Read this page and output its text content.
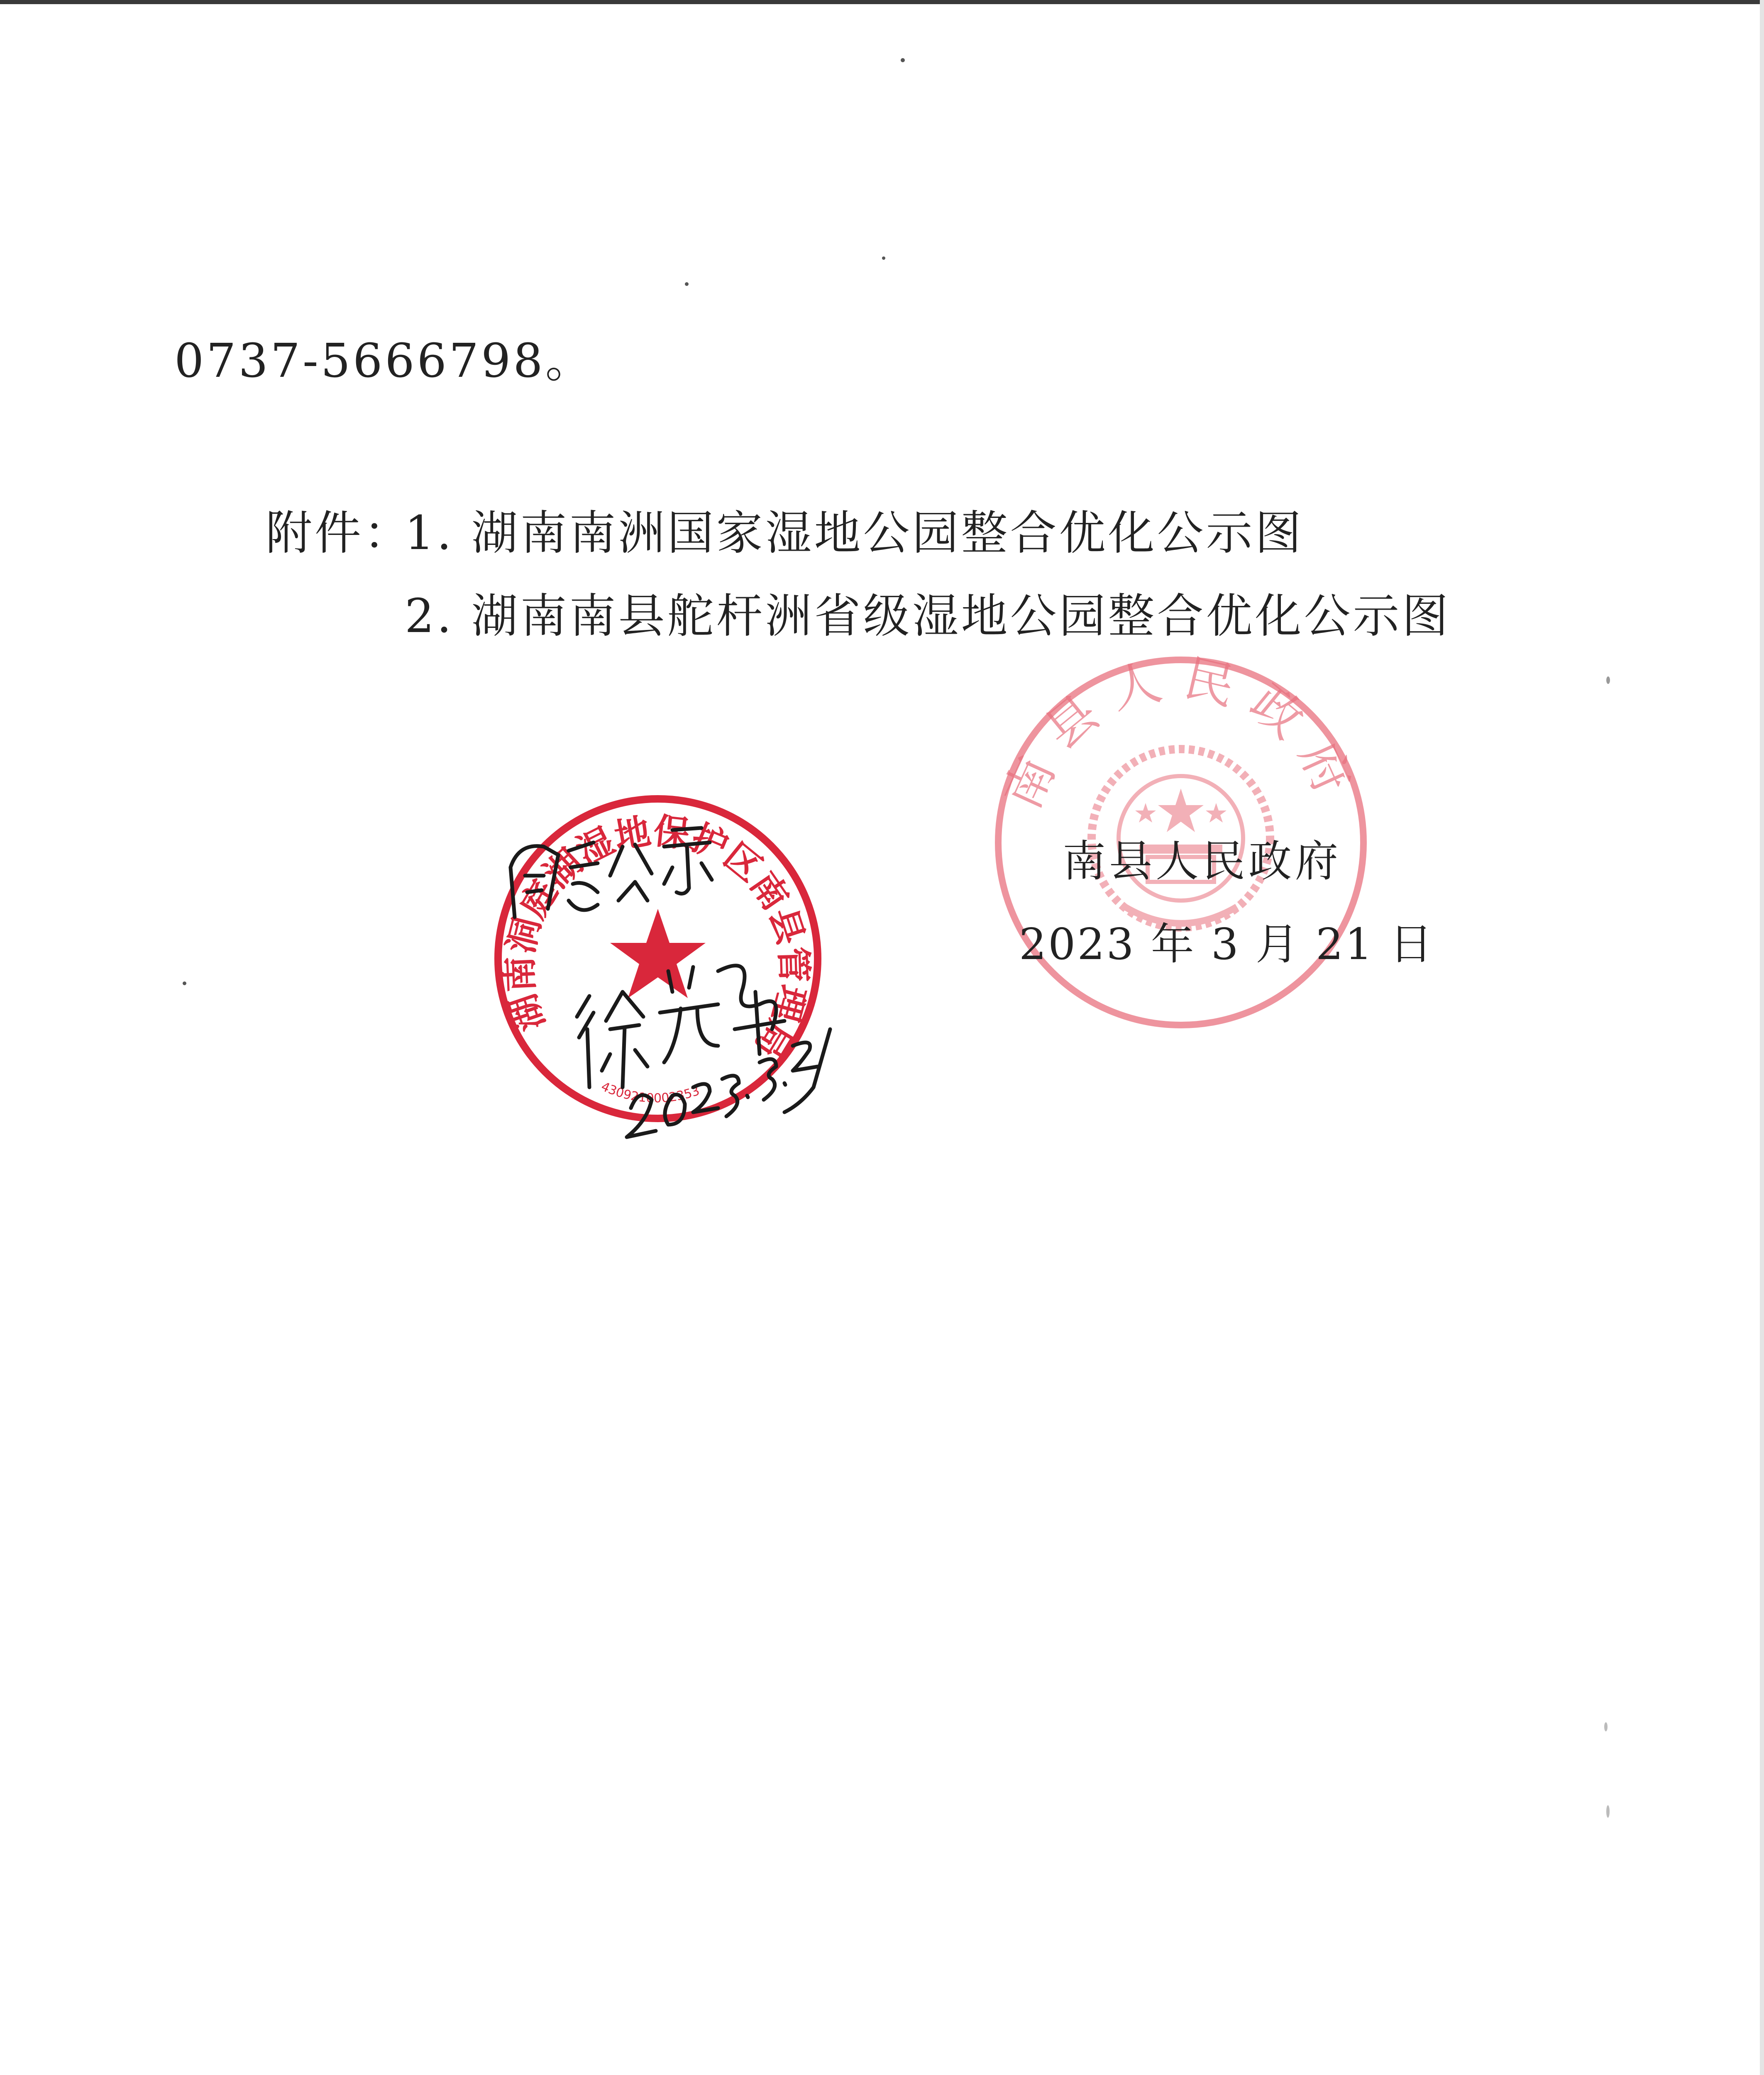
0737-5666798。
附件：
1. 湖南南洲国家湿地公园整合优化公示图
2. 湖南南县舵杆洲省级湿地公园整合优化公示图
南县人民政府
湖南洞庭湖湿地保护区南县管理局
4309210002353
南县人民政府
2023 年 3 月 21 日
